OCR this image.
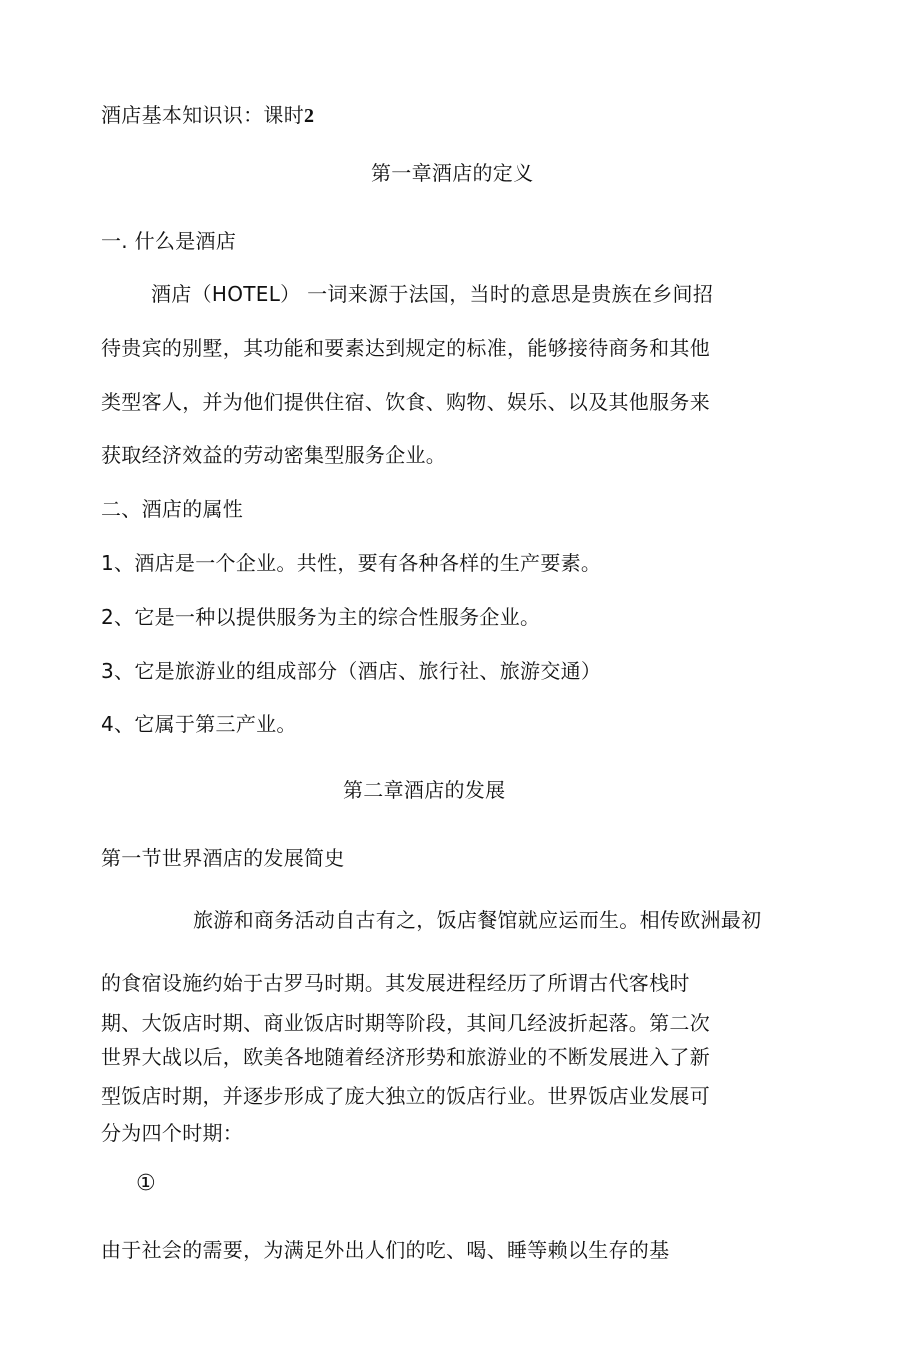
酒店基本知识识：课时2
第一章酒店的定义
一. 什么是酒店
酒店（HOTEL） 一词来源于法国，当时的意思是贵族在乡间招
待贵宾的别墅，其功能和要素达到规定的标准，能够接待商务和其他
类型客人，并为他们提供住宿、饮食、购物、娱乐、以及其他服务来
获取经济效益的劳动密集型服务企业。
二、酒店的属性
1、酒店是一个企业。共性，要有各种各样的生产要素。
2、它是一种以提供服务为主的综合性服务企业。
3、它是旅游业的组成部分（酒店、旅行社、旅游交通）
4、它属于第三产业。
第二章酒店的发展
第一节世界酒店的发展简史
旅游和商务活动自古有之，饭店餐馆就应运而生。相传欧洲最初
的食宿设施约始于古罗马时期。其发展进程经历了所谓古代客栈时
期、大饭店时期、商业饭店时期等阶段，其间几经波折起落。第二次
世界大战以后，欧美各地随着经济形势和旅游业的不断发展进入了新
型饭店时期，并逐步形成了庞大独立的饭店行业。世界饭店业发展可
分为四个时期：
①
由于社会的需要，为满足外出人们的吃、喝、睡等赖以生存的基
